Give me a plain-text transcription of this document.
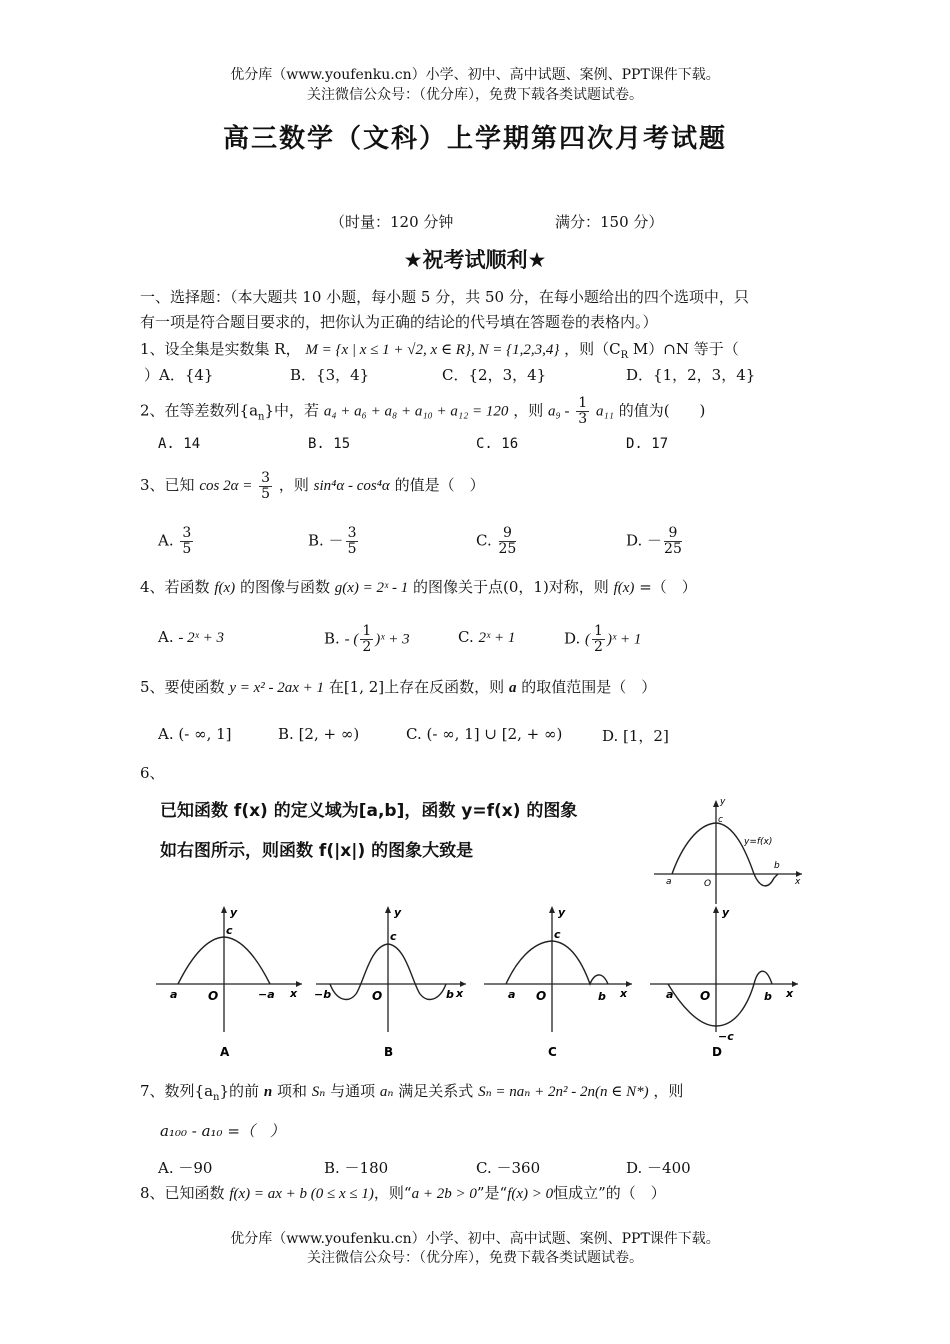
优分库（www.youfenku.cn）小学、初中、高中试题、案例、PPT课件下载。
关注微信公众号：（优分库），免费下载各类试题试卷。
高三数学（文科）上学期第四次月考试题
（时量：120 分钟	满分：150 分）
★祝考试顺利★
一、选择题：（本大题共 10 小题，每小题 5 分，共 50 分，在每小题给出的四个选项中，只
有一项是符合题目要求的，把你认为正确的结论的代号填在答题卷的表格内。）
1、设全集是实数集 R， M = {x | x ≤ 1 + √2, x ∈ R}, N = {1,2,3,4} ，则（$C_R$ M）∩N 等于（
）A．{4}	B．{3，4}	C．{2，3，4}	D．{1，2，3，4}
2、在等差数列$\{a_n\}$中，若 a₄ + a₆ + a₈ + a₁₀ + a₁₂ = 120 ，则 $a_9 - \frac{1}{3} a_{11}$ 的值为(　　)
A. 14	B. 15	C. 16	D. 17
3、已知 $\cos 2\alpha = \frac{3}{5}$ ，则 sin⁴α - cos⁴α 的值是（　）
A. $\frac{3}{5}$	B. － $\frac{3}{5}$	C. $\frac{9}{25}$	D. － $\frac{9}{25}$
4、若函数 f(x) 的图像与函数 g(x) = 2ˣ - 1 的图像关于点(0，1)对称，则 f(x) =（　）
A. - 2ˣ + 3	B. - ( $\frac{1}{2}$ )ˣ + 3	C. 2ˣ + 1	D. ( $\frac{1}{2}$ )ˣ + 1
5、要使函数 y = x² - 2ax + 1 在[1, 2]上存在反函数，则 a 的取值范围是（　）
A. (- ∞, 1]	B. [2, + ∞)	C. (- ∞, 1] ∪ [2, + ∞)	D. [1，2]
6、
已知函数 f(x) 的定义域为[a,b]，函数 y=f(x) 的图象
如右图所示，则函数 f(|x|) 的图象大致是
y
x
c
a
b
O
y=f(x)
y
x
c
a	−a
O
A
y
x
c
−b	b
O
B
y
x
c
a	b
O
C
y
x
−c
a	b
O
D
7、数列$\{a_n\}$的前 n 项和 Sₙ 与通项 aₙ 满足关系式 Sₙ = naₙ + 2n² - 2n(n ∈ N*) ，则
a₁₀₀ - a₁₀ =（　）
A. －90	B. －180	C. －360	D. －400
8、已知函数 f(x) = ax + b (0 ≤ x ≤ 1)，则“a + 2b > 0”是“f(x) > 0恒成立”的（　）
优分库（www.youfenku.cn）小学、初中、高中试题、案例、PPT课件下载。
关注微信公众号：（优分库），免费下载各类试题试卷。
